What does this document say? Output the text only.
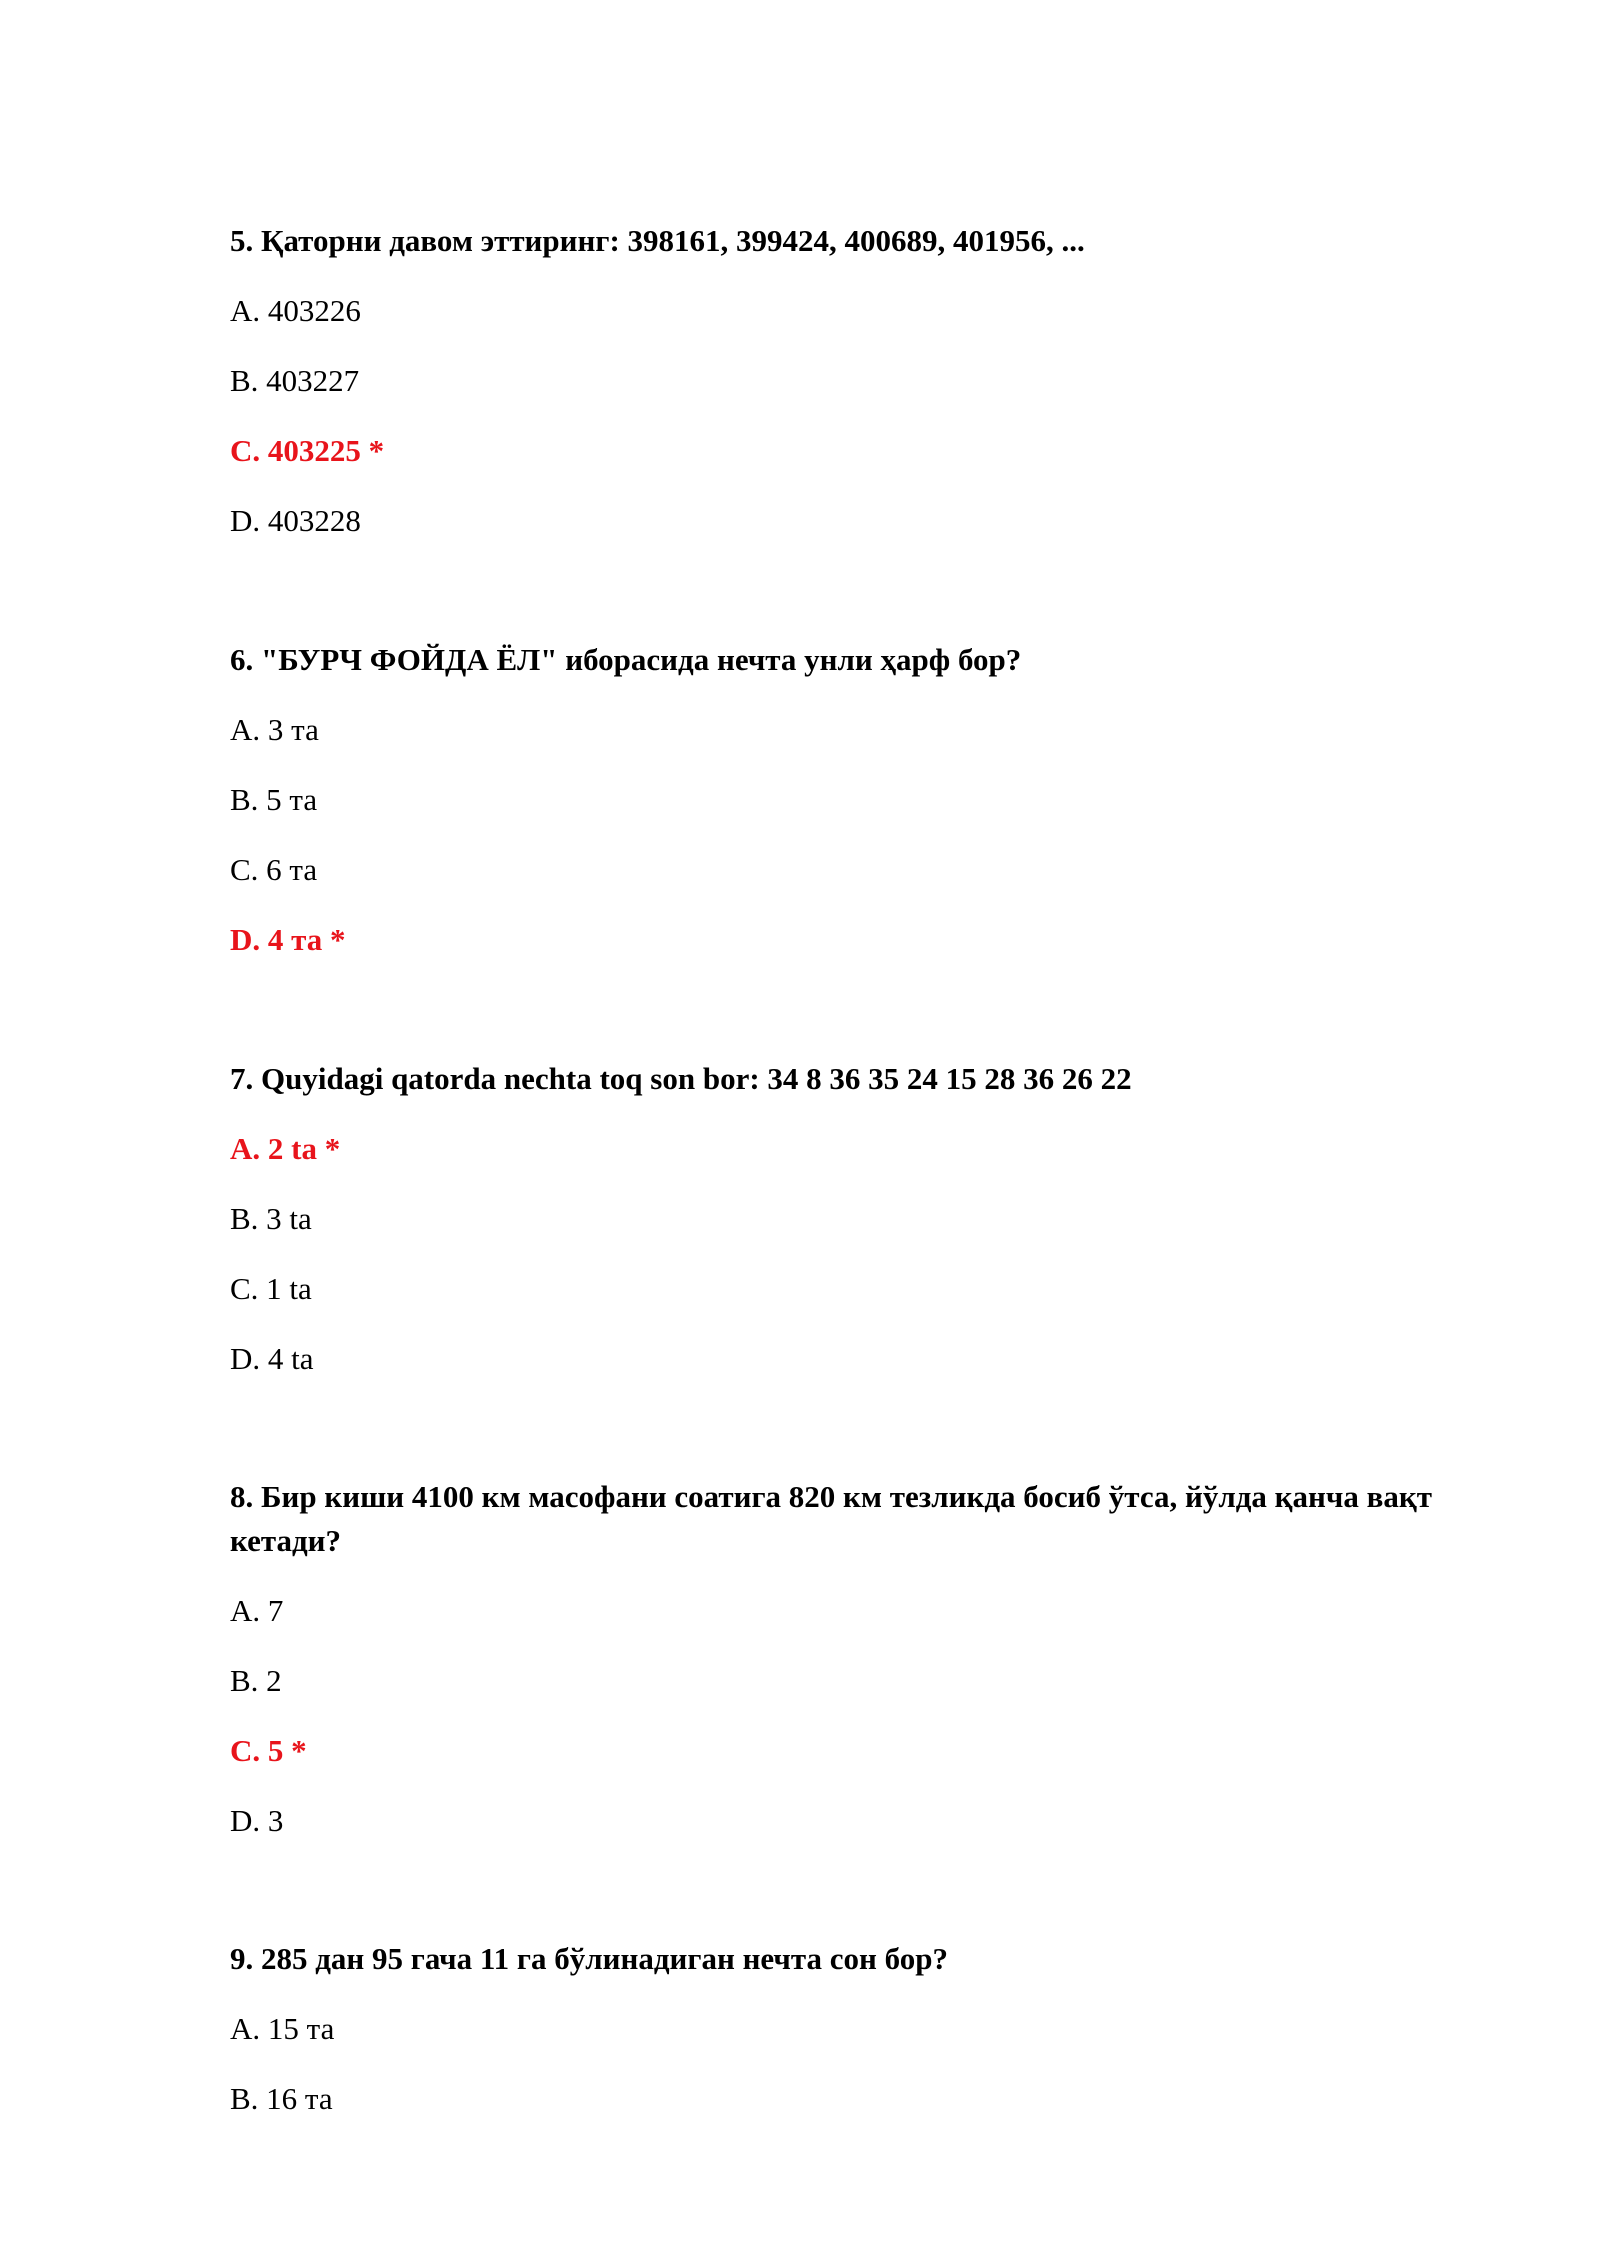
5. Қаторни давом эттиринг: 398161, 399424, 400689, 401956, ...

A. 403226

B. 403227

C. 403225 *

D. 403228

6. "БУРЧ ФОЙДА ЁЛ" иборасида нечта унли ҳарф бор?

A. 3 та

B. 5 та

C. 6 та

D. 4 та *

7. Quyidagi qatorda nechta toq son bor: 34 8 36 35 24 15 28 36 26 22

A. 2 ta *

B. 3 ta

C. 1 ta

D. 4 ta

8. Бир киши 4100 км масофани соатига 820 км тезликда босиб ўтса, йўлда қанча вақт кетади?

A. 7

B. 2

C. 5 *

D. 3

9. 285 дан 95 гача 11 га бўлинадиган нечта сон бор?

A. 15 та

B. 16 та
